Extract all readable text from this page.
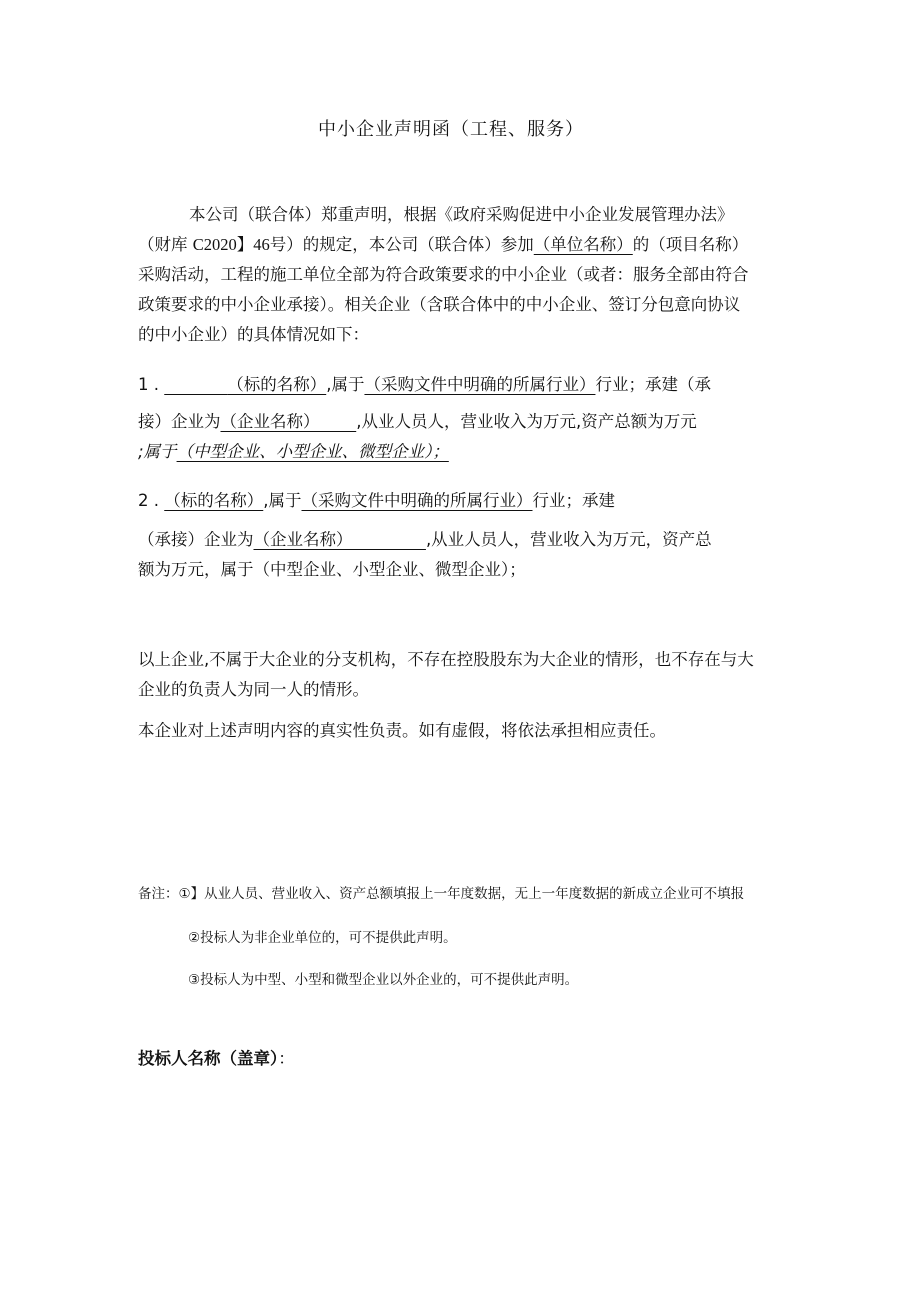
中小企业声明函（工程、服务）
本公司（联合体）郑重声明，根据《政府采购促进中小企业发展管理办法》
（财库 C2020】46号）的规定，本公司（联合体）参加（单位名称）的（项目名称）
采购活动，工程的施工单位全部为符合政策要求的中小企业（或者：服务全部由符合
政策要求的中小企业承接）。相关企业（含联合体中的中小企业、签订分包意向协议
的中小企业）的具体情况如下：
1 .	（标的名称）,属于（采购文件中明确的所属行业）行业；承建（承
接）企业为（企业名称） ,从业人员人，营业收入为万元,资产总额为万元
;属于（中型企业、小型企业、微型企业）；
2 . （标的名称）,属于（采购文件中明确的所属行业）行业；承建
（承接）企业为（企业名称）	,从业人员人，营业收入为万元，资产总
额为万元，属于（中型企业、小型企业、微型企业）；
以上企业,不属于大企业的分支机构，不存在控股股东为大企业的情形，也不存在与大
企业的负责人为同一人的情形。
本企业对上述声明内容的真实性负责。如有虚假，将依法承担相应责任。
备注：①】从业人员、营业收入、资产总额填报上一年度数据，无上一年度数据的新成立企业可不填报
②投标人为非企业单位的，可不提供此声明。
③投标人为中型、小型和微型企业以外企业的，可不提供此声明。
投标人名称（盖章）：
